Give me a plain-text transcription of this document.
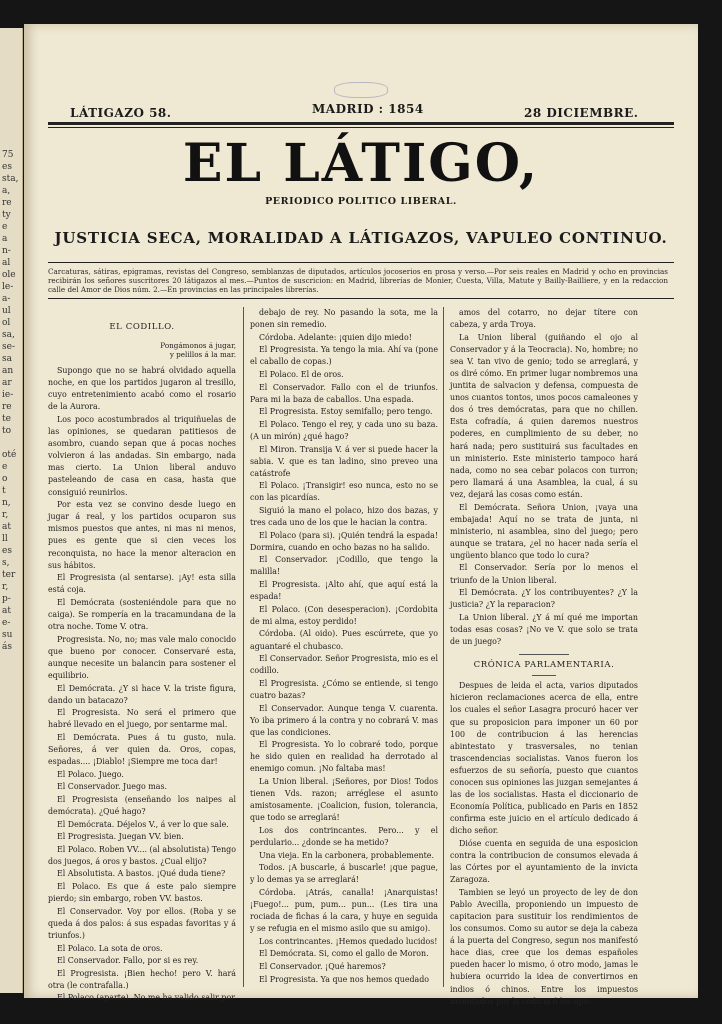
75
es
sta,
a,
re
ty
e
a
n-
al
ole
le-
a-
ul
ol
sa,
se-
sa
an
ar
ie-
re
te
to
oté
e
o
t
n,
r,
at
ll
es
s,
ter
r,
p-
at
e-
su
ás
LÁTIGAZO 58.	MADRID : 1854	28 DICIEMBRE.
EL LÁTIGO,
PERIODICO POLITICO LIBERAL.
JUSTICIA SECA, MORALIDAD A LÁTIGAZOS, VAPULEO CONTINUO.
Carcaturas, sátiras, epigramas, revistas del Congreso, semblanzas de diputados, artículos jocoserios en prosa y verso.—Por seis reales en Madrid y ocho en provincias recibirán los señores suscritores 20 látigazos al mes.—Puntos de suscricion: en Madrid, librerías de Monier, Cuesta, Villa, Matute y Bailly-Bailliere, y en la redaccion calle del Amor de Dios núm. 2.—En provincias en las principales librerías.

EL CODILLO.

Pongámonos á jugar,

y pelillos á la mar.

Supongo que no se habrá olvidado aquella noche, en que los partidos jugaron al tresillo, cuyo entretenimiento acabó como el rosario de la Aurora.

Los poco acostumbrados al triquiñuelas de las opiniones, se quedaran patitiesos de asombro, cuando sepan que á pocas noches volvieron á las andadas. Sin embargo, nada mas cierto. La Union liberal anduvo pasteleando de casa en casa, hasta que consiguió reunirlos.

Por esta vez se convino desde luego en jugar á real, y los partidos ocuparon sus mismos puestos que antes, ni mas ni menos, pues es gente que si cien veces los reconquista, no hace la menor alteracion en sus hábitos.

El Progresista (al sentarse). ¡Ay! esta silla está coja.

El Demócrata (sosteniéndole para que no caiga). Se rompería en la tracamundana de la otra noche. Tome V. otra.

Progresista. No, no; mas vale malo conocido que bueno por conocer. Conservaré esta, aunque necesite un balancin para sostener el equilibrio.

El Demócrata. ¿Y si hace V. la triste figura, dando un batacazo?

El Progresista. No será el primero que habré llevado en el juego, por sentarme mal.

El Demócrata. Pues á tu gusto, nula. Señores, á ver quien da. Oros, copas, espadas.... ¡Diablo! ¡Siempre me toca dar!

El Polaco. Juego.

El Conservador. Juego mas.

El Progresista (enseñando los naipes al demócrata). ¿Qué hago?

El Demócrata. Déjelos V., á ver lo que sale.

El Progresista. Juegan VV. bien.

El Polaco. Roben VV.... (al absolutista) Tengo dos juegos, á oros y bastos. ¿Cual elijo?

El Absolutista. A bastos. ¡Qué duda tiene?

El Polaco. Es que á este palo siempre pierdo; sin embargo, roben VV. bastos.

El Conservador. Voy por ellos. (Roba y se queda á dos palos: á sus espadas favoritas y á triunfos.)

El Polaco. La sota de oros.

El Conservador. Fallo, por si es rey.

El Progresista. ¡Bien hecho! pero V. hará otra (le contrafalla.)

El Polaco (aparte). No me ha valido salir por

debajo de rey. No pasando la sota, me la ponen sin remedio.

Córdoba. Adelante: ¡quien dijo miedo!

El Progresista. Ya tengo la mia. Ahí va (pone el caballo de copas.)

El Polaco. El de oros.

El Conservador. Fallo con el de triunfos. Para mi la baza de caballos. Una espada.

El Progresista. Estoy semifallo; pero tengo.

El Polaco. Tengo el rey, y cada uno su baza. (A un mirón) ¿qué hago?

El Miron. Transija V. á ver si puede hacer la sabia. V. que es tan ladino, sino preveo una catástrofe

El Polaco. ¡Transigir! eso nunca, esto no se con las picardías.

Siguió la mano el polaco, hizo dos bazas, y tres cada uno de los que le hacian la contra.

El Polaco (para si). ¡Quién tendrá la espada! Dormira, cuando en ocho bazas no ha salido.

El Conservador. ¡Codillo, que tengo la malilla!

El Progresista. ¡Alto ahí, que aquí está la espada!

El Polaco. (Con desesperacion). ¡Cordobita de mi alma, estoy perdido!

Córdoba. (Al oido). Pues escúrrete, que yo aguantaré el chubasco.

El Conservador. Señor Progresista, mio es el codillo.

El Progresista. ¿Cómo se entiende, si tengo cuatro bazas?

El Conservador. Aunque tenga V. cuarenta. Yo iba primero á la contra y no cobrará V. mas que las condiciones.

El Progresista. Yo lo cobraré todo, porque he sido quien en realidad ha derrotado al enemigo comun. ¡No faltaba mas!

La Union liberal. ¡Señores, por Dios! Todos tienen Vds. razon; arréglese el asunto amistosamente. ¡Coalicion, fusion, tolerancia, que todo se arreglará!

Los dos contrincantes. Pero... y el perdulario... ¿donde se ha metido?

Una vieja. En la carbonera, probablemente.

Todos. ¡A buscarle, á buscarle! ¡que pague, y lo demas ya se arreglará!

Córdoba. ¡Atrás, canalla! ¡Anarquistas! ¡Fuego!... pum, pum... pun... (Les tira una rociada de fichas á la cara, y huye en seguida y se refugia en el mismo asilo que su amigo).

Los contrincantes. ¡Hemos quedado lucidos!

El Demócrata. Si, como el gallo de Moron.

El Conservador. ¡Qué haremos?

El Progresista. Ya que nos hemos quedado

amos del cotarro, no dejar títere con cabeza, y arda Troya.

La Union liberal (guiñando el ojo al Conservador y á la Teocracia). No, hombre; no sea V. tan vivo de genio; todo se arreglará, y os diré cómo. En primer lugar nombremos una juntita de salvacion y defensa, compuesta de unos cuantos tontos, unos pocos camaleones y dos ó tres demócratas, para que no chillen. Esta cofradía, á quien daremos nuestros poderes, en cumplimiento de su deber, no hará nada; pero sustituirá sus facultades en un ministerio. Este ministerio tampoco hará nada, como no sea cebar polacos con turron; pero llamará á una Asamblea, la cual, á su vez, dejará las cosas como están.

El Demócrata. Señora Union, ¡vaya una embajada! Aquí no se trata de junta, ni ministerio, ni asamblea, sino del juego; pero aunque se tratara, ¿el no hacer nada sería el ungüento blanco que todo lo cura?

El Conservador. Sería por lo menos el triunfo de la Union liberal.

El Demócrata. ¿Y los contribuyentes? ¿Y la justicia? ¿Y la reparacion?

La Union liberal. ¿Y á mí qué me importan todas esas cosas? ¡No ve V. que solo se trata de un juego?

CRÓNICA PARLAMENTARIA.

Despues de leida el acta, varios diputados hicieron reclamaciones acerca de ella, entre los cuales el señor Lasagra procuró hacer ver que su proposicion para imponer un 60 por 100 de contribucion á las herencias abintestato y trasversales, no tenian trascendencias socialistas. Vanos fueron los esfuerzos de su señoría, puesto que cuantos conocen sus opiniones las juzgan semejantes á las de los socialistas. Hasta el diccionario de Economía Política, publicado en Paris en 1852 confirma este juicio en el artículo dedicado á dicho señor.

Dióse cuenta en seguida de una esposicion contra la contribucion de consumos elevada á las Córtes por el ayuntamiento de la invicta Zaragoza.

Tambien se leyó un proyecto de ley de don Pablo Avecilla, proponiendo un impuesto de capitacion para sustituir los rendimientos de los consumos. Como su autor se deja la cabeza á la puerta del Congreso, segun nos manifestó hace dias, cree que los demas españoles pueden hacer lo mismo, ó otro modo, jamas le hubiera ocurrido la idea de convertirnos en indios ó chinos. Entre los impuestos inventados por la codicia ó los apu-
